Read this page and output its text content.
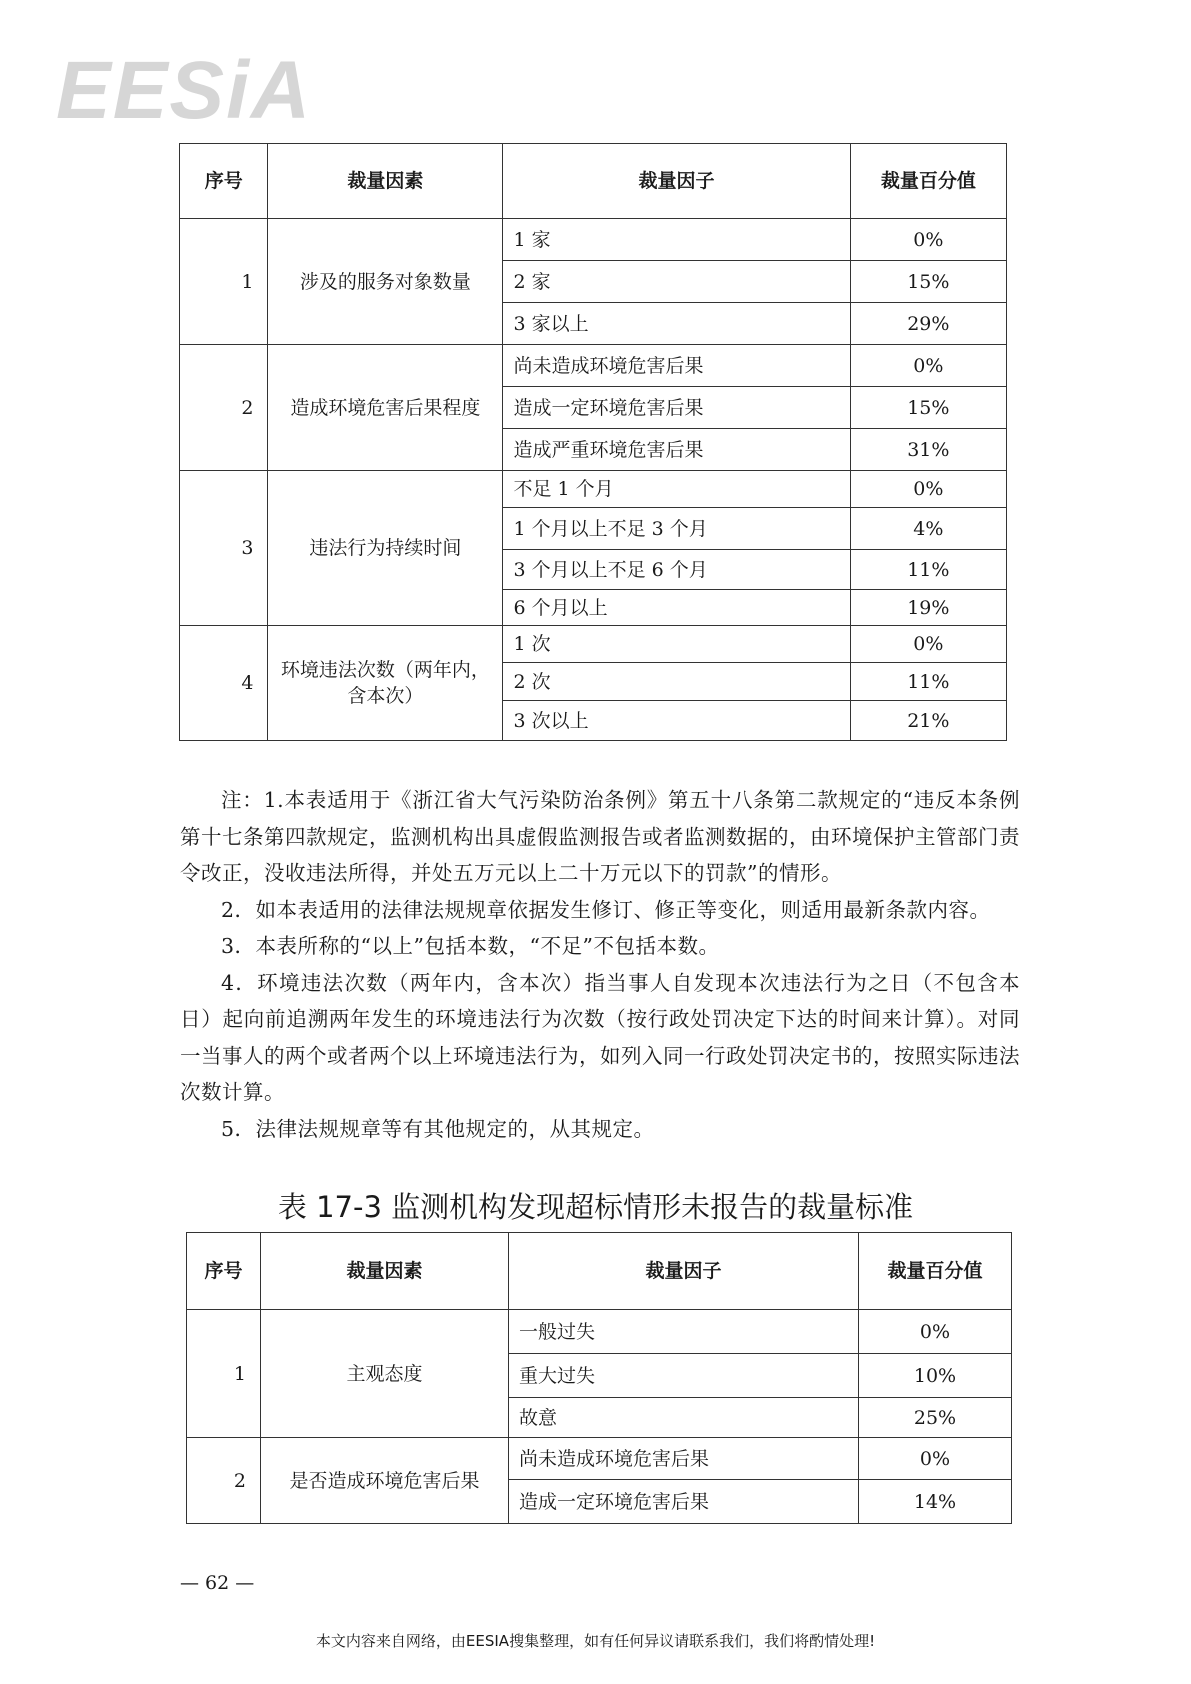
EESiA
序号	裁量因素	裁量因子	裁量百分值
1	涉及的服务对象数量	1 家	0%
		2 家	15%
		3 家以上	29%
2	造成环境危害后果程度	尚未造成环境危害后果	0%
		造成一定环境危害后果	15%
		造成严重环境危害后果	31%
3	违法行为持续时间	不足 1 个月	0%
		1 个月以上不足 3 个月	4%
		3 个月以上不足 6 个月	11%
		6 个月以上	19%
4	环境违法次数（两年内，含本次）	1 次	0%
		2 次	11%
		3 次以上	21%

注：1.本表适用于《浙江省大气污染防治条例》第五十八条第二款规定的“违反本条例第十七条第四款规定，监测机构出具虚假监测报告或者监测数据的，由环境保护主管部门责令改正，没收违法所得，并处五万元以上二十万元以下的罚款”的情形。

2．如本表适用的法律法规规章依据发生修订、修正等变化，则适用最新条款内容。

3．本表所称的“以上”包括本数，“不足”不包括本数。

4．环境违法次数（两年内，含本次）指当事人自发现本次违法行为之日（不包含本日）起向前追溯两年发生的环境违法行为次数（按行政处罚决定下达的时间来计算）。对同一当事人的两个或者两个以上环境违法行为，如列入同一行政处罚决定书的，按照实际违法次数计算。

5．法律法规规章等有其他规定的，从其规定。

表 17-3 监测机构发现超标情形未报告的裁量标准
序号	裁量因素	裁量因子	裁量百分值
1	主观态度	一般过失	0%
		重大过失	10%
		故意	25%
2	是否造成环境危害后果	尚未造成环境危害后果	0%
		造成一定环境危害后果	14%
— 62 —
本文内容来自网络，由EESIA搜集整理，如有任何异议请联系我们，我们将酌情处理!
